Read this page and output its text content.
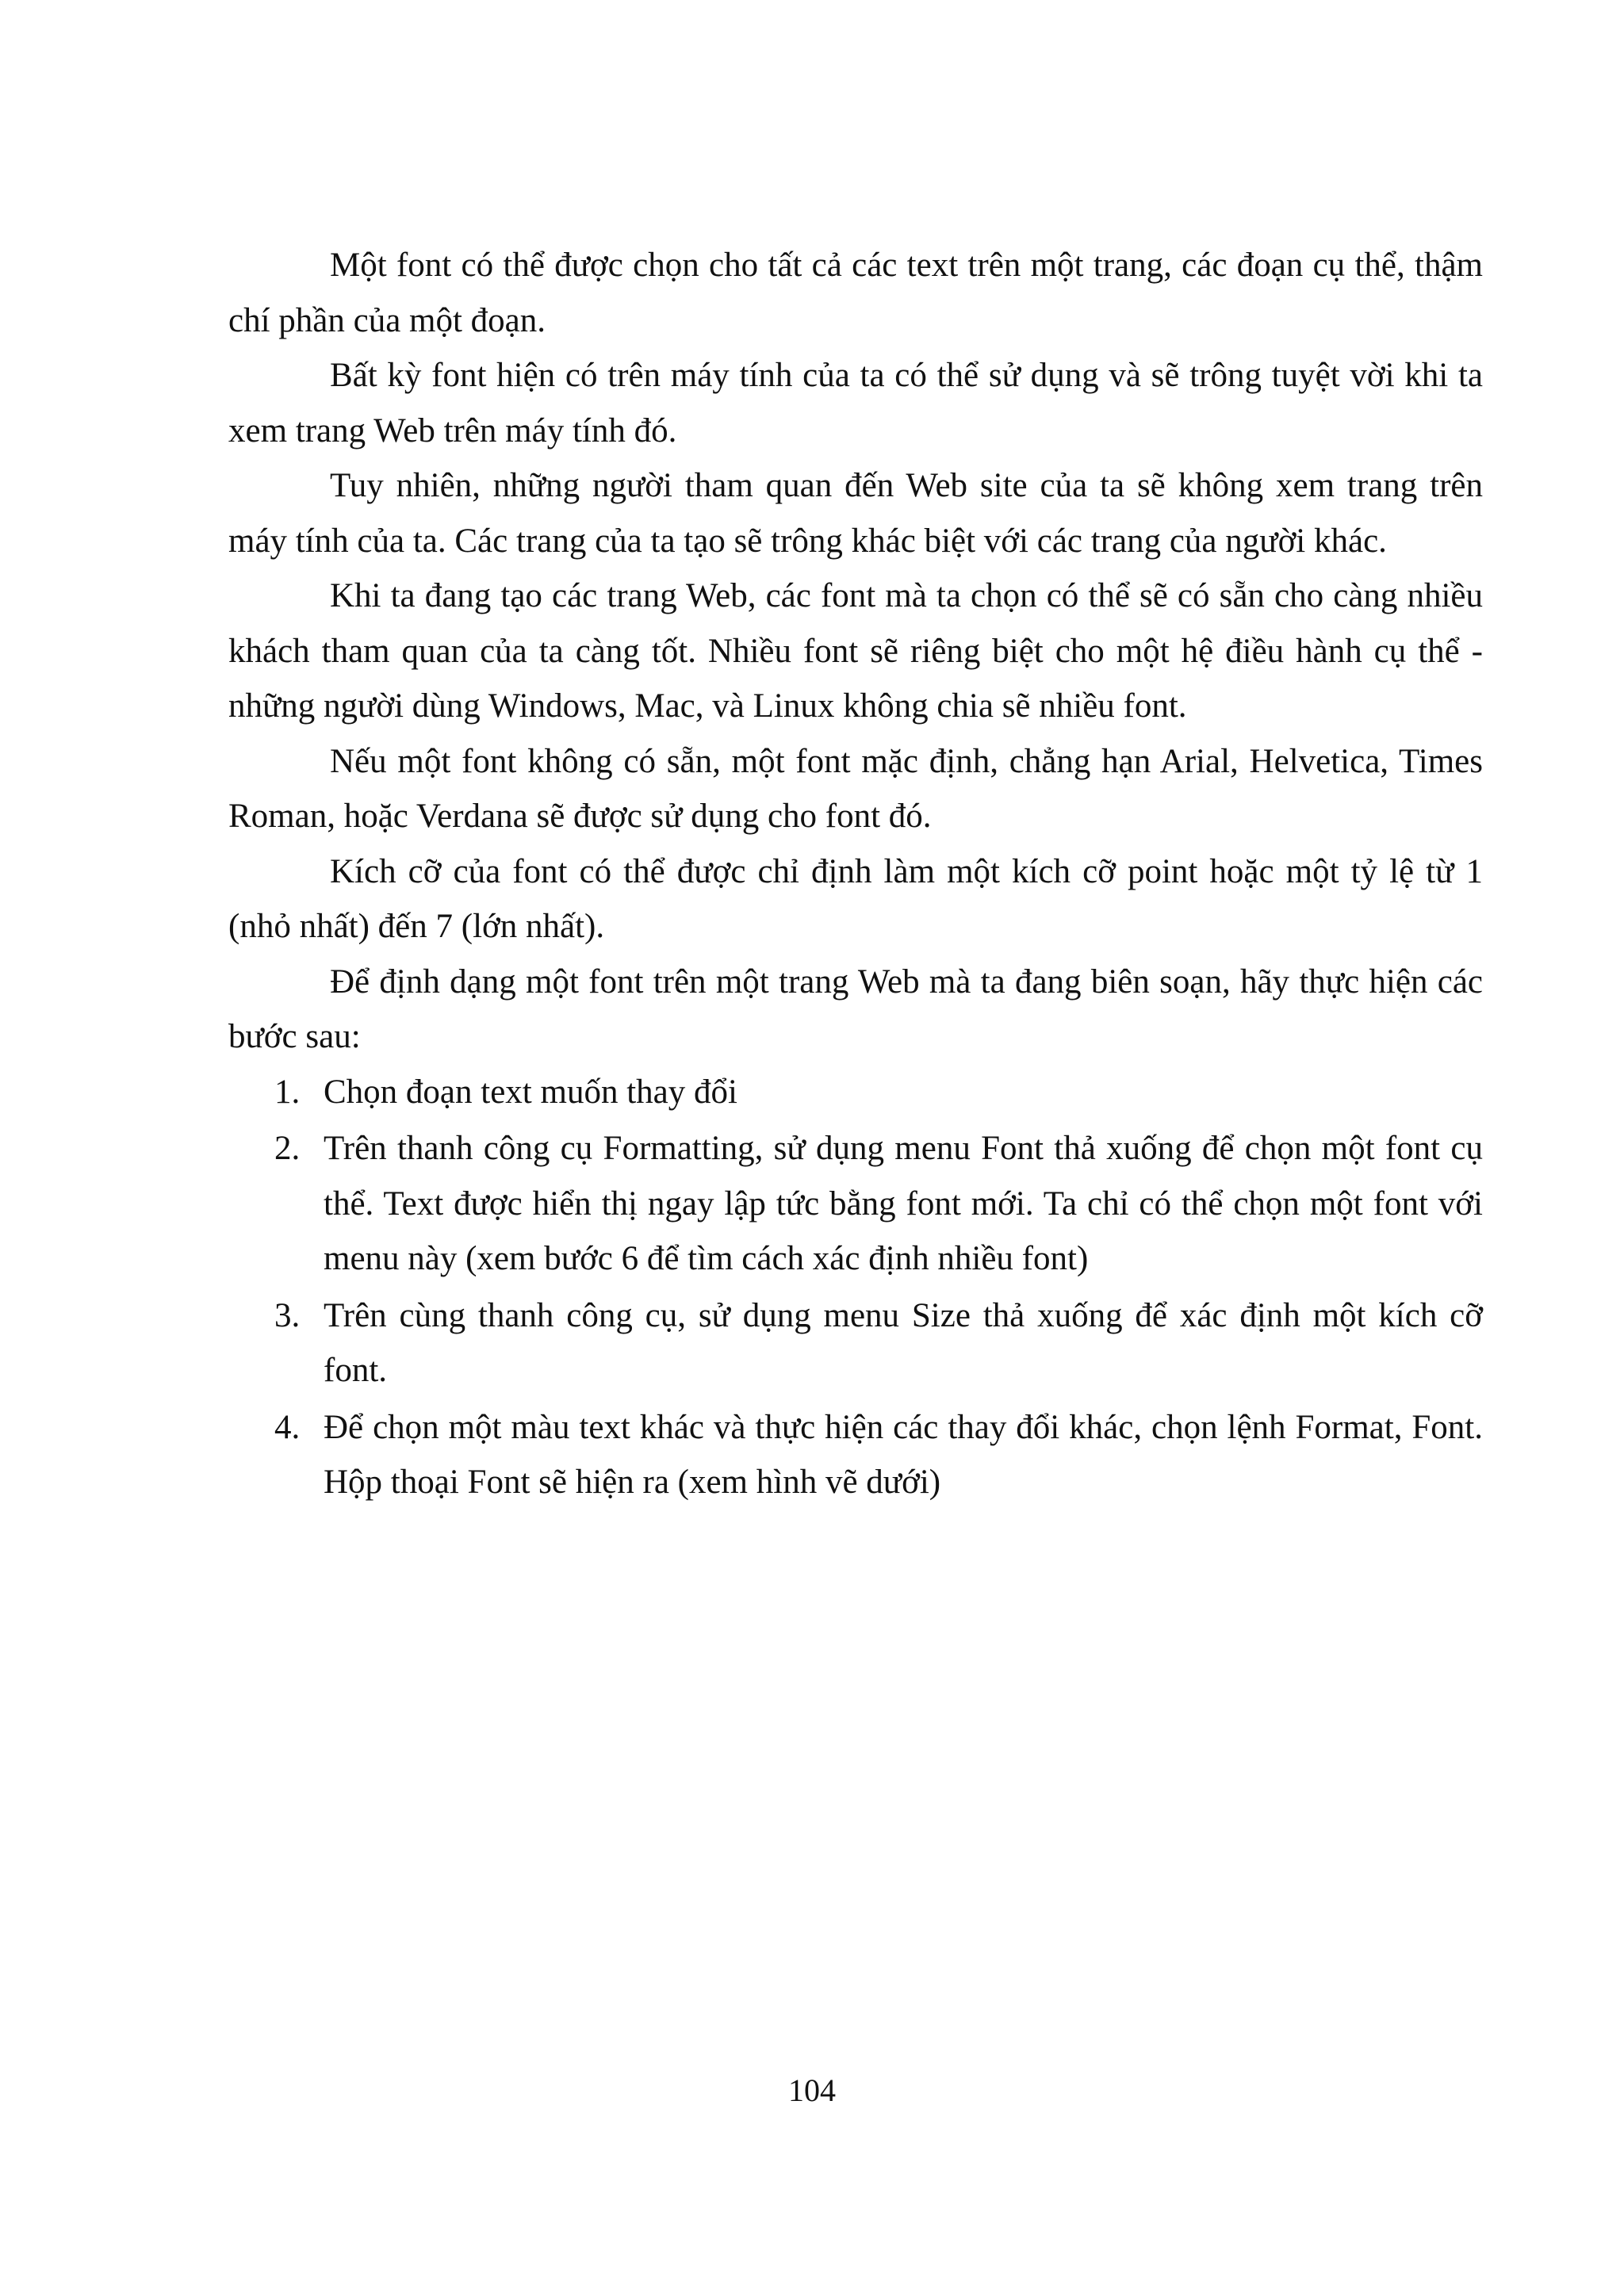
Một font có thể được chọn cho tất cả các text trên một trang, các đoạn cụ thể, thậm chí phần của một đoạn.

Bất kỳ font hiện có trên máy tính của ta có thể sử dụng và sẽ trông tuyệt vời khi ta xem trang Web trên máy tính đó.

Tuy nhiên, những người tham quan đến Web site của ta sẽ không xem trang trên máy tính của ta. Các trang của ta tạo sẽ trông khác biệt với các trang của người khác.

Khi ta đang tạo các trang Web, các font mà ta chọn có thể sẽ có sẵn cho càng nhiều khách tham quan của ta càng tốt. Nhiều font sẽ riêng biệt cho một hệ điều hành cụ thể - những người dùng Windows, Mac, và Linux không chia sẽ nhiều font.

Nếu một font không có sẵn, một font mặc định, chẳng hạn Arial, Helvetica, Times Roman, hoặc Verdana sẽ được sử dụng cho font đó.

Kích cỡ của font có thể được chỉ định làm một kích cỡ point hoặc một tỷ lệ từ 1 (nhỏ nhất) đến 7 (lớn nhất).

Để định dạng một font trên một trang Web mà ta đang biên soạn, hãy thực hiện các bước sau:

1. Chọn đoạn text muốn thay đổi
2. Trên thanh công cụ Formatting, sử dụng menu Font thả xuống để chọn một font cụ thể. Text được hiển thị ngay lập tức bằng font mới. Ta chỉ có thể chọn một font với menu này (xem bước 6 để tìm cách xác định nhiều font)
3. Trên cùng thanh công cụ, sử dụng menu Size thả xuống để xác định một kích cỡ font.
4. Để chọn một màu text khác và thực hiện các thay đổi khác, chọn lệnh Format, Font. Hộp thoại Font sẽ hiện ra (xem hình vẽ dưới)
104
